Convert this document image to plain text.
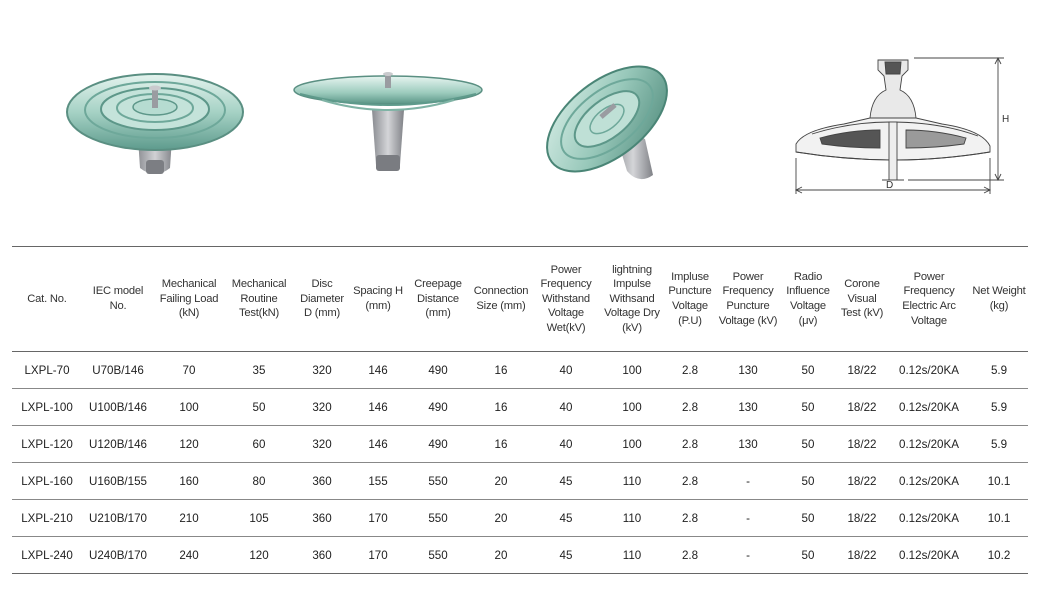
H
D
Cat. No.	IEC model No.	Mechanical Failing Load (kN)	Mechanical Routine Test(kN)	Disc Diameter D (mm)	Spacing H (mm)	Creepage Distance (mm)	Connection Size (mm)	Power Frequency Withstand Voltage Wet(kV)	lightning Impulse Withsand Voltage Dry (kV)	Impluse Puncture Voltage (P.U)	Power Frequency Puncture Voltage (kV)	Radio Influence Voltage (μv)	Corone Visual Test (kV)	Power Frequency Electric Arc Voltage	Net Weight (kg)
LXPL-70	U70B/146	70	35	320	146	490	16	40	100	2.8	130	50	18/22	0.12s/20KA	5.9
LXPL-100	U100B/146	100	50	320	146	490	16	40	100	2.8	130	50	18/22	0.12s/20KA	5.9
LXPL-120	U120B/146	120	60	320	146	490	16	40	100	2.8	130	50	18/22	0.12s/20KA	5.9
LXPL-160	U160B/155	160	80	360	155	550	20	45	110	2.8	-	50	18/22	0.12s/20KA	10.1
LXPL-210	U210B/170	210	105	360	170	550	20	45	110	2.8	-	50	18/22	0.12s/20KA	10.1
LXPL-240	U240B/170	240	120	360	170	550	20	45	110	2.8	-	50	18/22	0.12s/20KA	10.2
